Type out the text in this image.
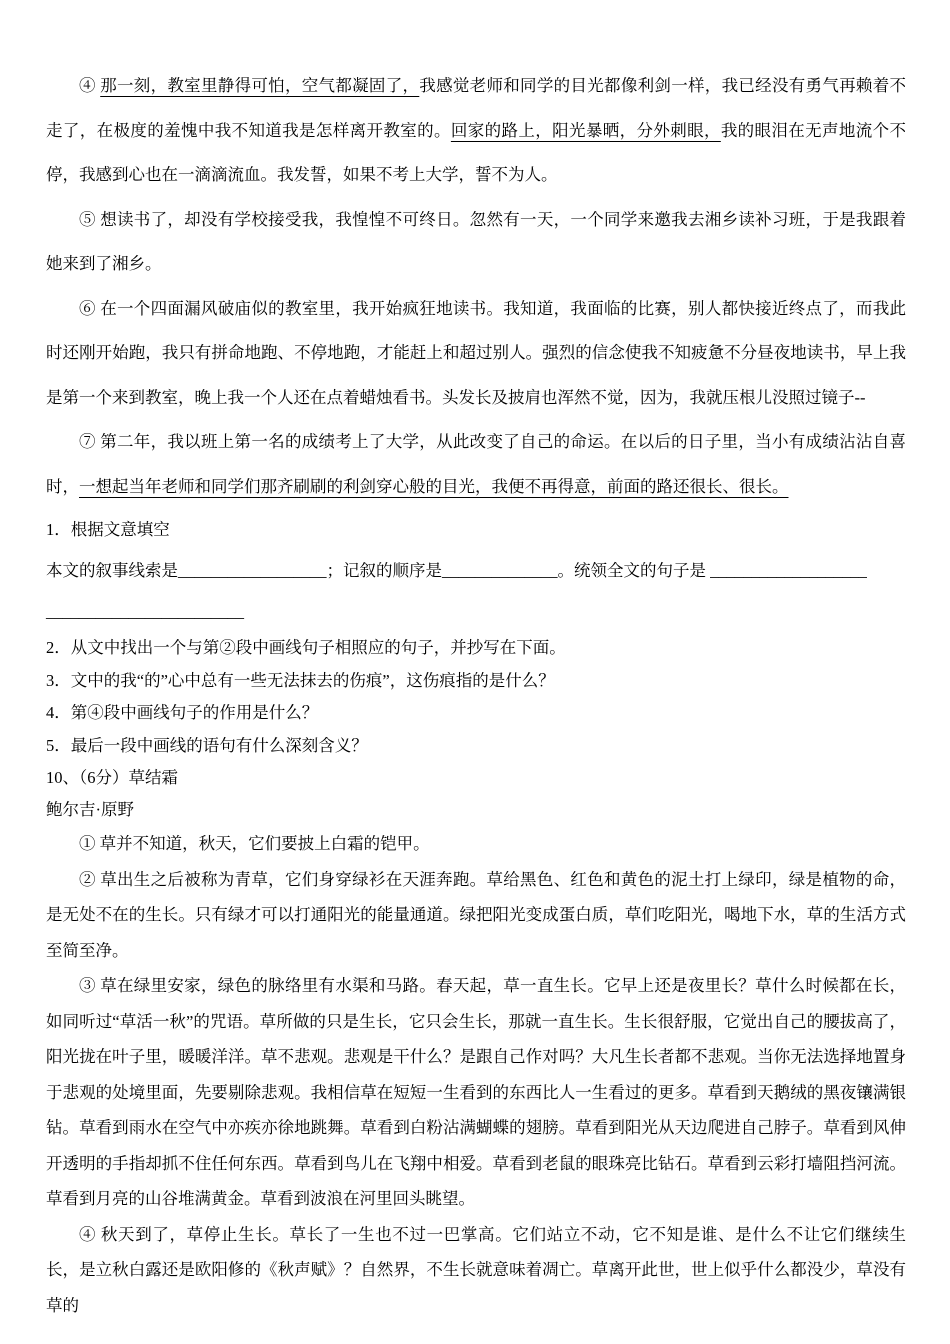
④ 那一刻，教室里静得可怕，空气都凝固了，我感觉老师和同学的目光都像利剑一样，我已经没有勇气再赖着不走了，在极度的羞愧中我不知道我是怎样离开教室的。回家的路上，阳光暴晒，分外刺眼，我的眼泪在无声地流个不停，我感到心也在一滴滴流血。我发誓，如果不考上大学，誓不为人。

⑤ 想读书了，却没有学校接受我，我惶惶不可终日。忽然有一天，一个同学来邀我去湘乡读补习班，于是我跟着她来到了湘乡。

⑥ 在一个四面漏风破庙似的教室里，我开始疯狂地读书。我知道，我面临的比赛，别人都快接近终点了，而我此时还刚开始跑，我只有拼命地跑、不停地跑，才能赶上和超过别人。强烈的信念使我不知疲惫不分昼夜地读书，早上我是第一个来到教室，晚上我一个人还在点着蜡烛看书。头发长及披肩也浑然不觉，因为，我就压根儿没照过镜子--

⑦ 第二年，我以班上第一名的成绩考上了大学，从此改变了自己的命运。在以后的日子里，当小有成绩沾沾自喜时，一想起当年老师和同学们那齐刷刷的利剑穿心般的目光，我便不再得意，前面的路还很长、很长。

1．根据文意填空

本文的叙事线索是__________________；记叙的顺序是______________。统领全文的句子是 ___________________

________________________

2．从文中找出一个与第②段中画线句子相照应的句子，并抄写在下面。

3．文中的我“的”心中总有一些无法抹去的伤痕”，这伤痕指的是什么？

4．第④段中画线句子的作用是什么？

5．最后一段中画线的语句有什么深刻含义？

10、（6分）草结霜

鲍尔吉·原野

① 草并不知道，秋天，它们要披上白霜的铠甲。

② 草出生之后被称为青草，它们身穿绿衫在天涯奔跑。草给黑色、红色和黄色的泥土打上绿印，绿是植物的命，是无处不在的生长。只有绿才可以打通阳光的能量通道。绿把阳光变成蛋白质，草们吃阳光，喝地下水，草的生活方式至简至净。

③ 草在绿里安家，绿色的脉络里有水渠和马路。春天起，草一直生长。它早上还是夜里长？草什么时候都在长，如同听过“草活一秋”的咒语。草所做的只是生长，它只会生长，那就一直生长。生长很舒服，它觉出自己的腰拔高了，阳光拢在叶子里，暖暖洋洋。草不悲观。悲观是干什么？是跟自己作对吗？大凡生长者都不悲观。当你无法选择地置身于悲观的处境里面，先要剔除悲观。我相信草在短短一生看到的东西比人一生看过的更多。草看到天鹅绒的黑夜镶满银钻。草看到雨水在空气中亦疾亦徐地跳舞。草看到白粉沾满蝴蝶的翅膀。草看到阳光从天边爬进自己脖子。草看到风伸开透明的手指却抓不住任何东西。草看到鸟儿在飞翔中相爱。草看到老鼠的眼珠亮比钻石。草看到云彩打墙阻挡河流。草看到月亮的山谷堆满黄金。草看到波浪在河里回头眺望。

④ 秋天到了，草停止生长。草长了一生也不过一巴掌高。它们站立不动，它不知是谁、是什么不让它们继续生长，是立秋白露还是欧阳修的《秋声赋》？自然界，不生长就意味着凋亡。草离开此世，世上似乎什么都没少，草没有草的
